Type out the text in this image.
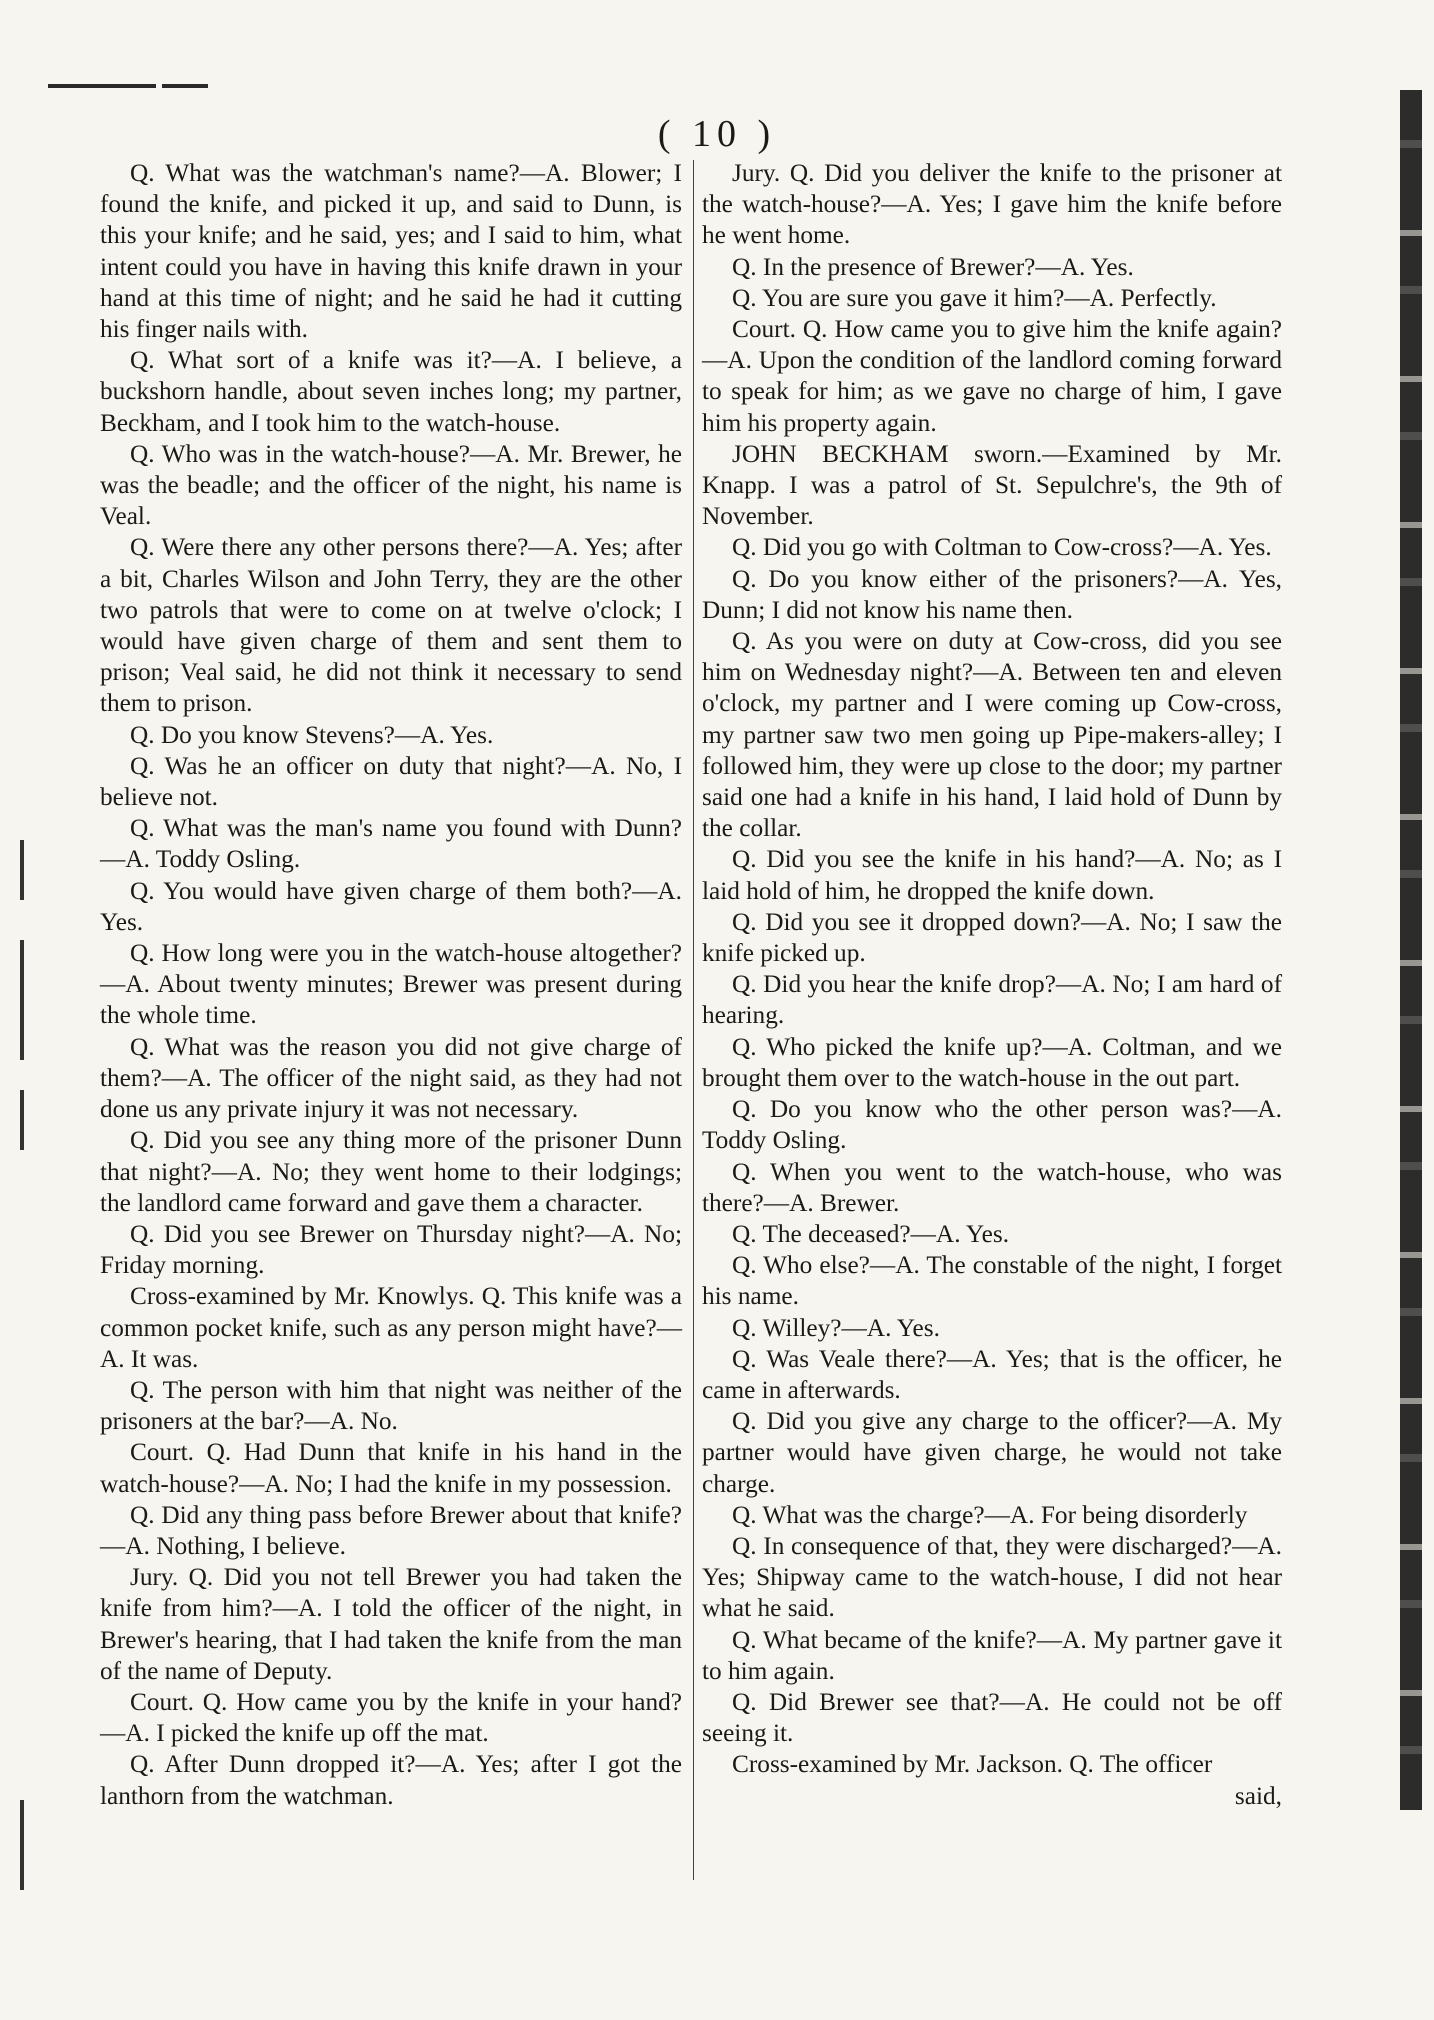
( 10 )

Q. What was the watchman's name?—A. Blower; I found the knife, and picked it up, and said to Dunn, is this your knife; and he said, yes; and I said to him, what intent could you have in having this knife drawn in your hand at this time of night; and he said he had it cutting his finger nails with.

Q. What sort of a knife was it?—A. I believe, a buckshorn handle, about seven inches long; my partner, Beckham, and I took him to the watch-house.

Q. Who was in the watch-house?—A. Mr. Brewer, he was the beadle; and the officer of the night, his name is Veal.

Q. Were there any other persons there?—A. Yes; after a bit, Charles Wilson and John Terry, they are the other two patrols that were to come on at twelve o'clock; I would have given charge of them and sent them to prison; Veal said, he did not think it necessary to send them to prison.

Q. Do you know Stevens?—A. Yes.

Q. Was he an officer on duty that night?—A. No, I believe not.

Q. What was the man's name you found with Dunn?—A. Toddy Osling.

Q. You would have given charge of them both?—A. Yes.

Q. How long were you in the watch-house altogether?—A. About twenty minutes; Brewer was present during the whole time.

Q. What was the reason you did not give charge of them?—A. The officer of the night said, as they had not done us any private injury it was not necessary.

Q. Did you see any thing more of the prisoner Dunn that night?—A. No; they went home to their lodgings; the landlord came forward and gave them a character.

Q. Did you see Brewer on Thursday night?—A. No; Friday morning.

Cross-examined by Mr. Knowlys. Q. This knife was a common pocket knife, such as any person might have?—A. It was.

Q. The person with him that night was neither of the prisoners at the bar?—A. No.

Court. Q. Had Dunn that knife in his hand in the watch-house?—A. No; I had the knife in my possession.

Q. Did any thing pass before Brewer about that knife?—A. Nothing, I believe.

Jury. Q. Did you not tell Brewer you had taken the knife from him?—A. I told the officer of the night, in Brewer's hearing, that I had taken the knife from the man of the name of Deputy.

Court. Q. How came you by the knife in your hand?—A. I picked the knife up off the mat.

Q. After Dunn dropped it?—A. Yes; after I got the lanthorn from the watchman.

Jury. Q. Did you deliver the knife to the prisoner at the watch-house?—A. Yes; I gave him the knife before he went home.

Q. In the presence of Brewer?—A. Yes.

Q. You are sure you gave it him?—A. Perfectly.

Court. Q. How came you to give him the knife again?—A. Upon the condition of the landlord coming forward to speak for him; as we gave no charge of him, I gave him his property again.

JOHN BECKHAM sworn.—Examined by Mr. Knapp. I was a patrol of St. Sepulchre's, the 9th of November.

Q. Did you go with Coltman to Cow-cross?—A. Yes.

Q. Do you know either of the prisoners?—A. Yes, Dunn; I did not know his name then.

Q. As you were on duty at Cow-cross, did you see him on Wednesday night?—A. Between ten and eleven o'clock, my partner and I were coming up Cow-cross, my partner saw two men going up Pipe-makers-alley; I followed him, they were up close to the door; my partner said one had a knife in his hand, I laid hold of Dunn by the collar.

Q. Did you see the knife in his hand?—A. No; as I laid hold of him, he dropped the knife down.

Q. Did you see it dropped down?—A. No; I saw the knife picked up.

Q. Did you hear the knife drop?—A. No; I am hard of hearing.

Q. Who picked the knife up?—A. Coltman, and we brought them over to the watch-house in the out part.

Q. Do you know who the other person was?—A. Toddy Osling.

Q. When you went to the watch-house, who was there?—A. Brewer.

Q. The deceased?—A. Yes.

Q. Who else?—A. The constable of the night, I forget his name.

Q. Willey?—A. Yes.

Q. Was Veale there?—A. Yes; that is the officer, he came in afterwards.

Q. Did you give any charge to the officer?—A. My partner would have given charge, he would not take charge.

Q. What was the charge?—A. For being disorderly

Q. In consequence of that, they were discharged?—A. Yes; Shipway came to the watch-house, I did not hear what he said.

Q. What became of the knife?—A. My partner gave it to him again.

Q. Did Brewer see that?—A. He could not be off seeing it.

Cross-examined by Mr. Jackson. Q. The officer

said,
